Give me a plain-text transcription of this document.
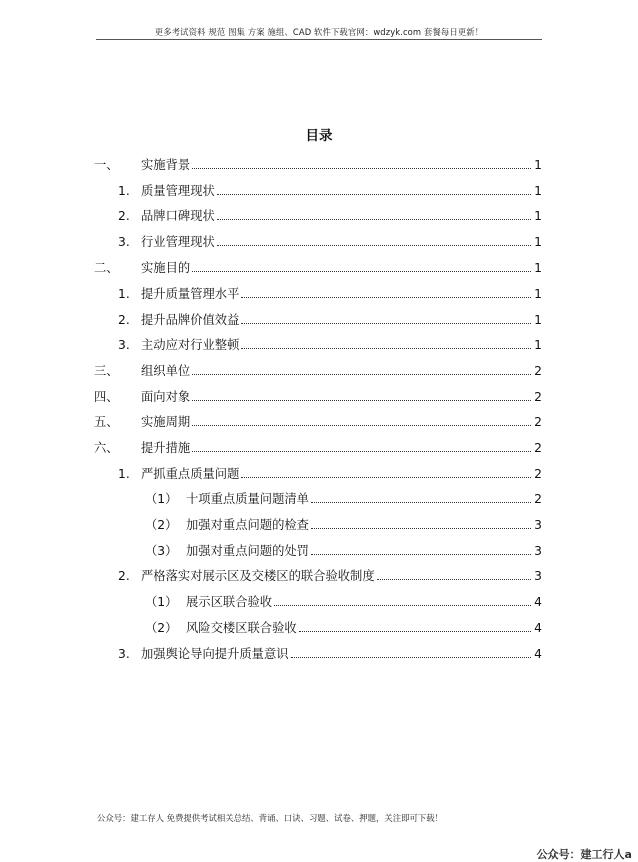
更多考试资料 规范 图集 方案 施组、CAD 软件下载官网：wdzyk.com 套餐每日更新！
目录
一、	实施背景	1
1. 质量管理现状	1
2. 品牌口碑现状	1
3. 行业管理现状	1
二、	实施目的	1
1. 提升质量管理水平	1
2. 提升品牌价值效益	1
3. 主动应对行业整顿	1
三、	组织单位	2
四、	面向对象	2
五、	实施周期	2
六、	提升措施	2
1. 严抓重点质量问题	2
（1） 十项重点质量问题清单	2
（2） 加强对重点问题的检查	3
（3） 加强对重点问题的处罚	3
2. 严格落实对展示区及交楼区的联合验收制度	3
（1） 展示区联合验收	4
（2） 风险交楼区联合验收	4
3. 加强舆论导向提升质量意识	4
公众号：建工存人 免费提供考试相关总结、背诵、口诀、习题、试卷、押题，关注即可下载！
公众号：建工行人a
